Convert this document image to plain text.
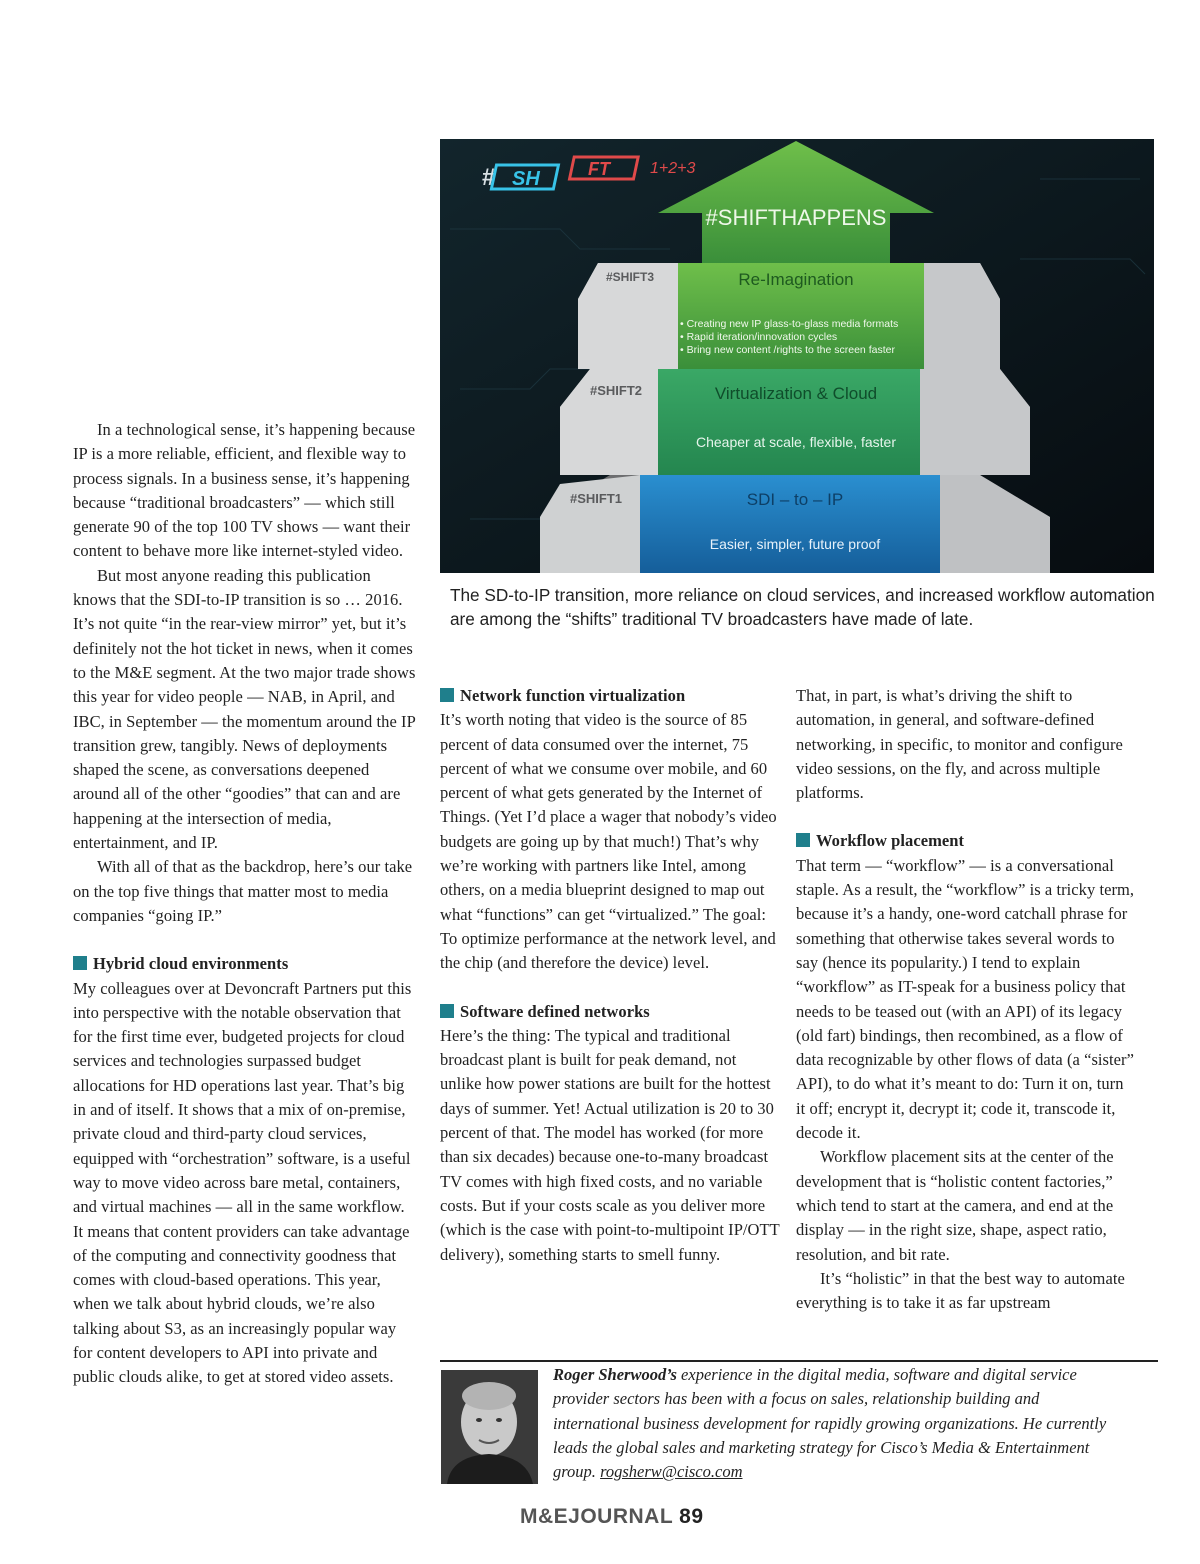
# SH	FT	1+2+3
#SHIFT1	SDI – to – IP
Easier, simpler, future proof
#SHIFT2	Virtualization & Cloud
Cheaper at scale, flexible, faster
#SHIFT3	Re-Imagination
• Creating new IP glass-to-glass media formats
• Rapid iteration/innovation cycles
• Bring new content /rights to the screen faster
#SHIFTHAPPENS
The SD-to-IP transition, more reliance on cloud services, and increased workflow automation are among the “shifts” traditional TV broadcasters have made of late.

In a technological sense, it’s happening because IP is a more reliable, efficient, and flexible way to process signals. In a business sense, it’s happening because “traditional broadcasters” — which still generate 90 of the top 100 TV shows — want their content to behave more like internet-styled video.

But most anyone reading this publication knows that the SDI-to-IP transition is so … 2016. It’s not quite “in the rear-view mirror” yet, but it’s definitely not the hot ticket in news, when it comes to the M&E segment. At the two major trade shows this year for video people — NAB, in April, and IBC, in September — the momentum around the IP transition grew, tangibly. News of deployments shaped the scene, as conversations deepened around all of the other “goodies” that can and are happening at the intersection of media, entertainment, and IP.

With all of that as the backdrop, here’s our take on the top five things that matter most to media companies “going IP.”

Hybrid cloud environments

My colleagues over at Devoncraft Partners put this into perspective with the notable observation that for the first time ever, budgeted projects for cloud services and technologies surpassed budget allocations for HD operations last year. That’s big in and of itself. It shows that a mix of on-premise, private cloud and third-party cloud services, equipped with “orchestration” software, is a useful way to move video across bare metal, containers, and virtual machines — all in the same workflow. It means that content providers can take advantage of the computing and connectivity goodness that comes with cloud-based operations. This year, when we talk about hybrid clouds, we’re also talking about S3, as an increasingly popular way for content developers to API into private and public clouds alike, to get at stored video assets.

Network function virtualization

It’s worth noting that video is the source of 85 percent of data consumed over the internet, 75 percent of what we consume over mobile, and 60 percent of what gets generated by the Internet of Things. (Yet I’d place a wager that nobody’s video budgets are going up by that much!) That’s why we’re working with partners like Intel, among others, on a media blueprint designed to map out what “functions” can get “virtualized.” The goal: To optimize performance at the network level, and the chip (and therefore the device) level.

Software defined networks

Here’s the thing: The typical and traditional broadcast plant is built for peak demand, not unlike how power stations are built for the hottest days of summer. Yet! Actual utilization is 20 to 30 percent of that. The model has worked (for more than six decades) because one-to-many broadcast TV comes with high fixed costs, and no variable costs. But if your costs scale as you deliver more (which is the case with point-to-multipoint IP/OTT delivery), something starts to smell funny.

That, in part, is what’s driving the shift to automation, in general, and software-defined networking, in specific, to monitor and configure video sessions, on the fly, and across multiple platforms.

Workflow placement

That term — “workflow” — is a conversational staple. As a result, the “workflow” is a tricky term, because it’s a handy, one-word catchall phrase for something that otherwise takes several words to say (hence its popularity.) I tend to explain “workflow” as IT-speak for a business policy that needs to be teased out (with an API) of its legacy (old fart) bindings, then recombined, as a flow of data recognizable by other flows of data (a “sister” API), to do what it’s meant to do: Turn it on, turn it off; encrypt it, decrypt it; code it, transcode it, decode it.

Workflow placement sits at the center of the development that is “holistic content factories,” which tend to start at the camera, and end at the display — in the right size, shape, aspect ratio, resolution, and bit rate.

It’s “holistic” in that the best way to automate everything is to take it as far upstream

Roger Sherwood’s experience in the digital media, software and digital service provider sectors has been with a focus on sales, relationship building and international business development for rapidly growing organizations. He currently leads the global sales and marketing strategy for Cisco’s Media & Entertainment group. rogsherw@cisco.com
M&EJOURNAL 89
